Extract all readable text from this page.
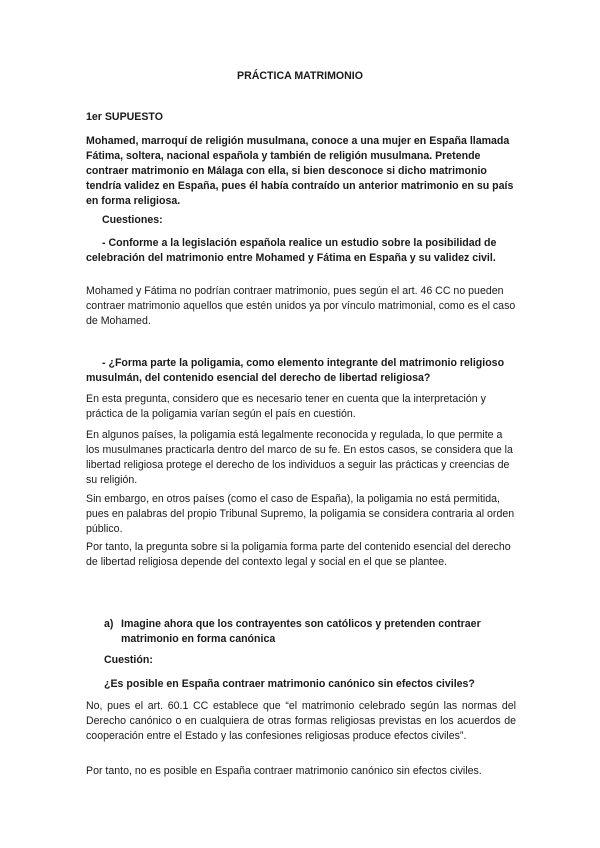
PRÁCTICA MATRIMONIO

1er SUPUESTO

Mohamed, marroquí de religión musulmana, conoce a una mujer en España llamada Fátima, soltera, nacional española y también de religión musulmana. Pretende contraer matrimonio en Málaga con ella, si bien desconoce si dicho matrimonio tendría validez en España, pues él había contraído un anterior matrimonio en su país en forma religiosa.

Cuestiones:

- Conforme a la legislación española realice un estudio sobre la posibilidad de celebración del matrimonio entre Mohamed y Fátima en España y su validez civil.

Mohamed y Fátima no podrían contraer matrimonio, pues según el art. 46 CC no pueden contraer matrimonio aquellos que estén unidos ya por vínculo matrimonial, como es el caso de Mohamed.

- ¿Forma parte la poligamia, como elemento integrante del matrimonio religioso musulmán, del contenido esencial del derecho de libertad religiosa?

En esta pregunta, considero que es necesario tener en cuenta que la interpretación y práctica de la poligamia varían según el país en cuestión.

En algunos países, la poligamia está legalmente reconocida y regulada, lo que permite a los musulmanes practicarla dentro del marco de su fe. En estos casos, se considera que la libertad religiosa protege el derecho de los individuos a seguir las prácticas y creencias de su religión.

Sin embargo, en otros países (como el caso de España), la poligamia no está permitida, pues en palabras del propio Tribunal Supremo, la poligamia se considera contraria al orden público.

Por tanto, la pregunta sobre si la poligamia forma parte del contenido esencial del derecho de libertad religiosa depende del contexto legal y social en el que se plantee.

a) Imagine ahora que los contrayentes son católicos y pretenden contraer matrimonio en forma canónica

Cuestión:

¿Es posible en España contraer matrimonio canónico sin efectos civiles?

No, pues el art. 60.1 CC establece que “el matrimonio celebrado según las normas del Derecho canónico o en cualquiera de otras formas religiosas previstas en los acuerdos de cooperación entre el Estado y las confesiones religiosas produce efectos civiles”.

Por tanto, no es posible en España contraer matrimonio canónico sin efectos civiles.
